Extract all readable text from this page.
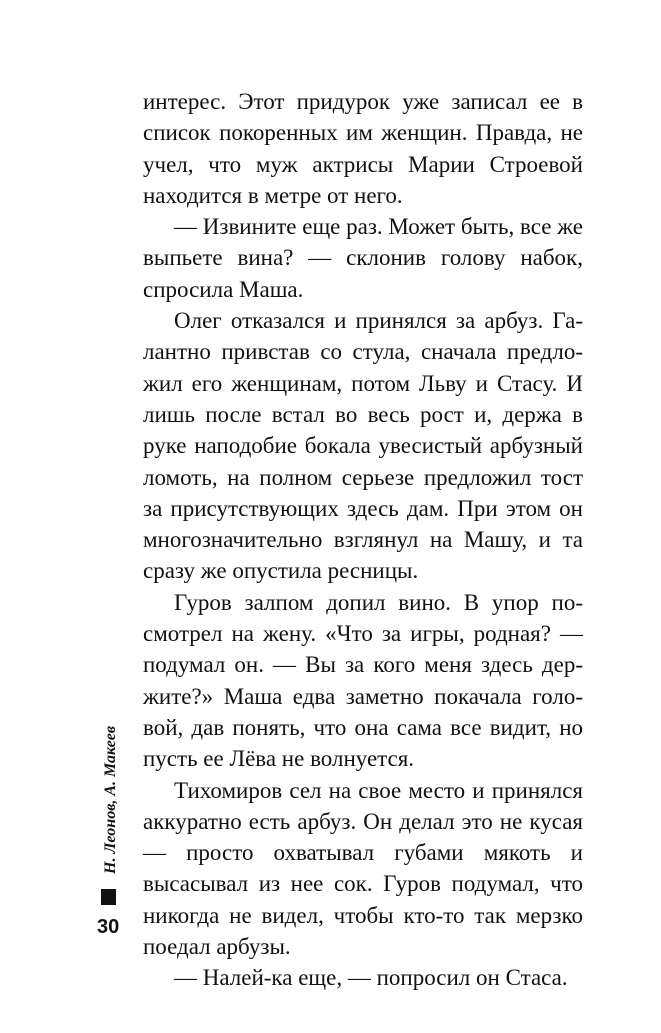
интерес. Этот придурок уже записал ее в список покоренных им женщин. Правда, не учел, что муж актрисы Марии Строевой находится в метре от него.

— Извините еще раз. Может быть, все же выпьете вина? — склонив голову набок, спросила Маша.

Олег отказался и принялся за арбуз. Галантно привстав со стула, сначала предложил его женщинам, потом Льву и Стасу. И лишь после встал во весь рост и, держа в руке наподобие бокала увесистый арбузный ломоть, на полном серьезе предложил тост за присутствующих здесь дам. При этом он многозначительно взглянул на Машу, и та сразу же опустила ресницы.

Гуров залпом допил вино. В упор посмотрел на жену. «Что за игры, родная? — подумал он. — Вы за кого меня здесь держите?» Маша едва заметно покачала головой, дав понять, что она сама все видит, но пусть ее Лёва не волнуется.

Тихомиров сел на свое место и принялся аккуратно есть арбуз. Он делал это не кусая — просто охватывал губами мякоть и высасывал из нее сок. Гуров подумал, что никогда не видел, чтобы кто-то так мерзко поедал арбузы.

— Налей-ка еще, — попросил он Стаса.

Н. Леонов, А. Макеев
30
